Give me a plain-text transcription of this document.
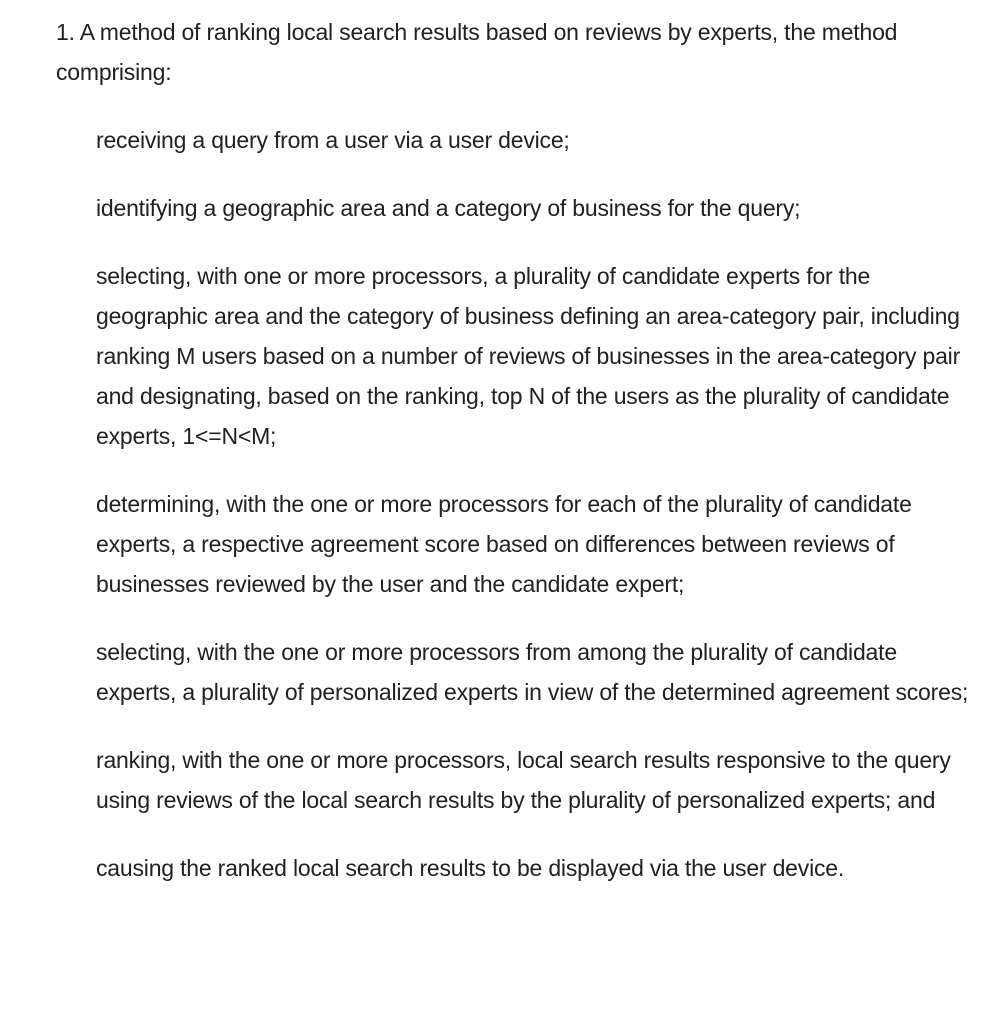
1. A method of ranking local search results based on reviews by experts, the method comprising:
receiving a query from a user via a user device;
identifying a geographic area and a category of business for the query;
selecting, with one or more processors, a plurality of candidate experts for the geographic area and the category of business defining an area-category pair, including ranking M users based on a number of reviews of businesses in the area-category pair and designating, based on the ranking, top N of the users as the plurality of candidate experts, 1<=N<M;
determining, with the one or more processors for each of the plurality of candidate experts, a respective agreement score based on differences between reviews of businesses reviewed by the user and the candidate expert;
selecting, with the one or more processors from among the plurality of candidate experts, a plurality of personalized experts in view of the determined agreement scores;
ranking, with the one or more processors, local search results responsive to the query using reviews of the local search results by the plurality of personalized experts; and
causing the ranked local search results to be displayed via the user device.
